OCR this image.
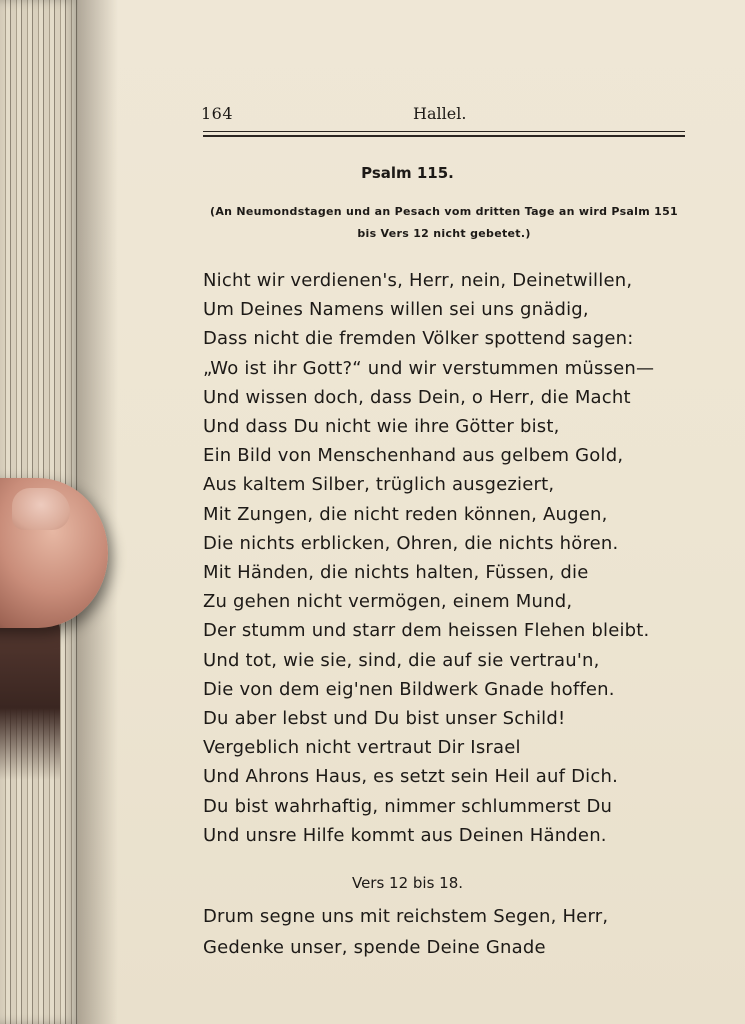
164	Hallel.
Psalm 115.
(An Neumondstagen und an Pesach vom dritten Tage an wird Psalm 151
bis Vers 12 nicht gebetet.)
Nicht wir verdienen's, Herr, nein, Deinetwillen,
Um Deines Namens willen sei uns gnädig,
Dass nicht die fremden Völker spottend sagen:
„Wo ist ihr Gott?“ und wir verstummen müssen—
Und wissen doch, dass Dein, o Herr, die Macht
Und dass Du nicht wie ihre Götter bist,
Ein Bild von Menschenhand aus gelbem Gold,
Aus kaltem Silber, trüglich ausgeziert,
Mit Zungen, die nicht reden können, Augen,
Die nichts erblicken, Ohren, die nichts hören.
Mit Händen, die nichts halten, Füssen, die
Zu gehen nicht vermögen, einem Mund,
Der stumm und starr dem heissen Flehen bleibt.
Und tot, wie sie, sind, die auf sie vertrau'n,
Die von dem eig'nen Bildwerk Gnade hoffen.
Du aber lebst und Du bist unser Schild!
Vergeblich nicht vertraut Dir Israel
Und Ahrons Haus, es setzt sein Heil auf Dich.
Du bist wahrhaftig, nimmer schlummerst Du
Und unsre Hilfe kommt aus Deinen Händen.
Vers 12 bis 18.
Drum segne uns mit reichstem Segen, Herr,
Gedenke unser, spende Deine Gnade
